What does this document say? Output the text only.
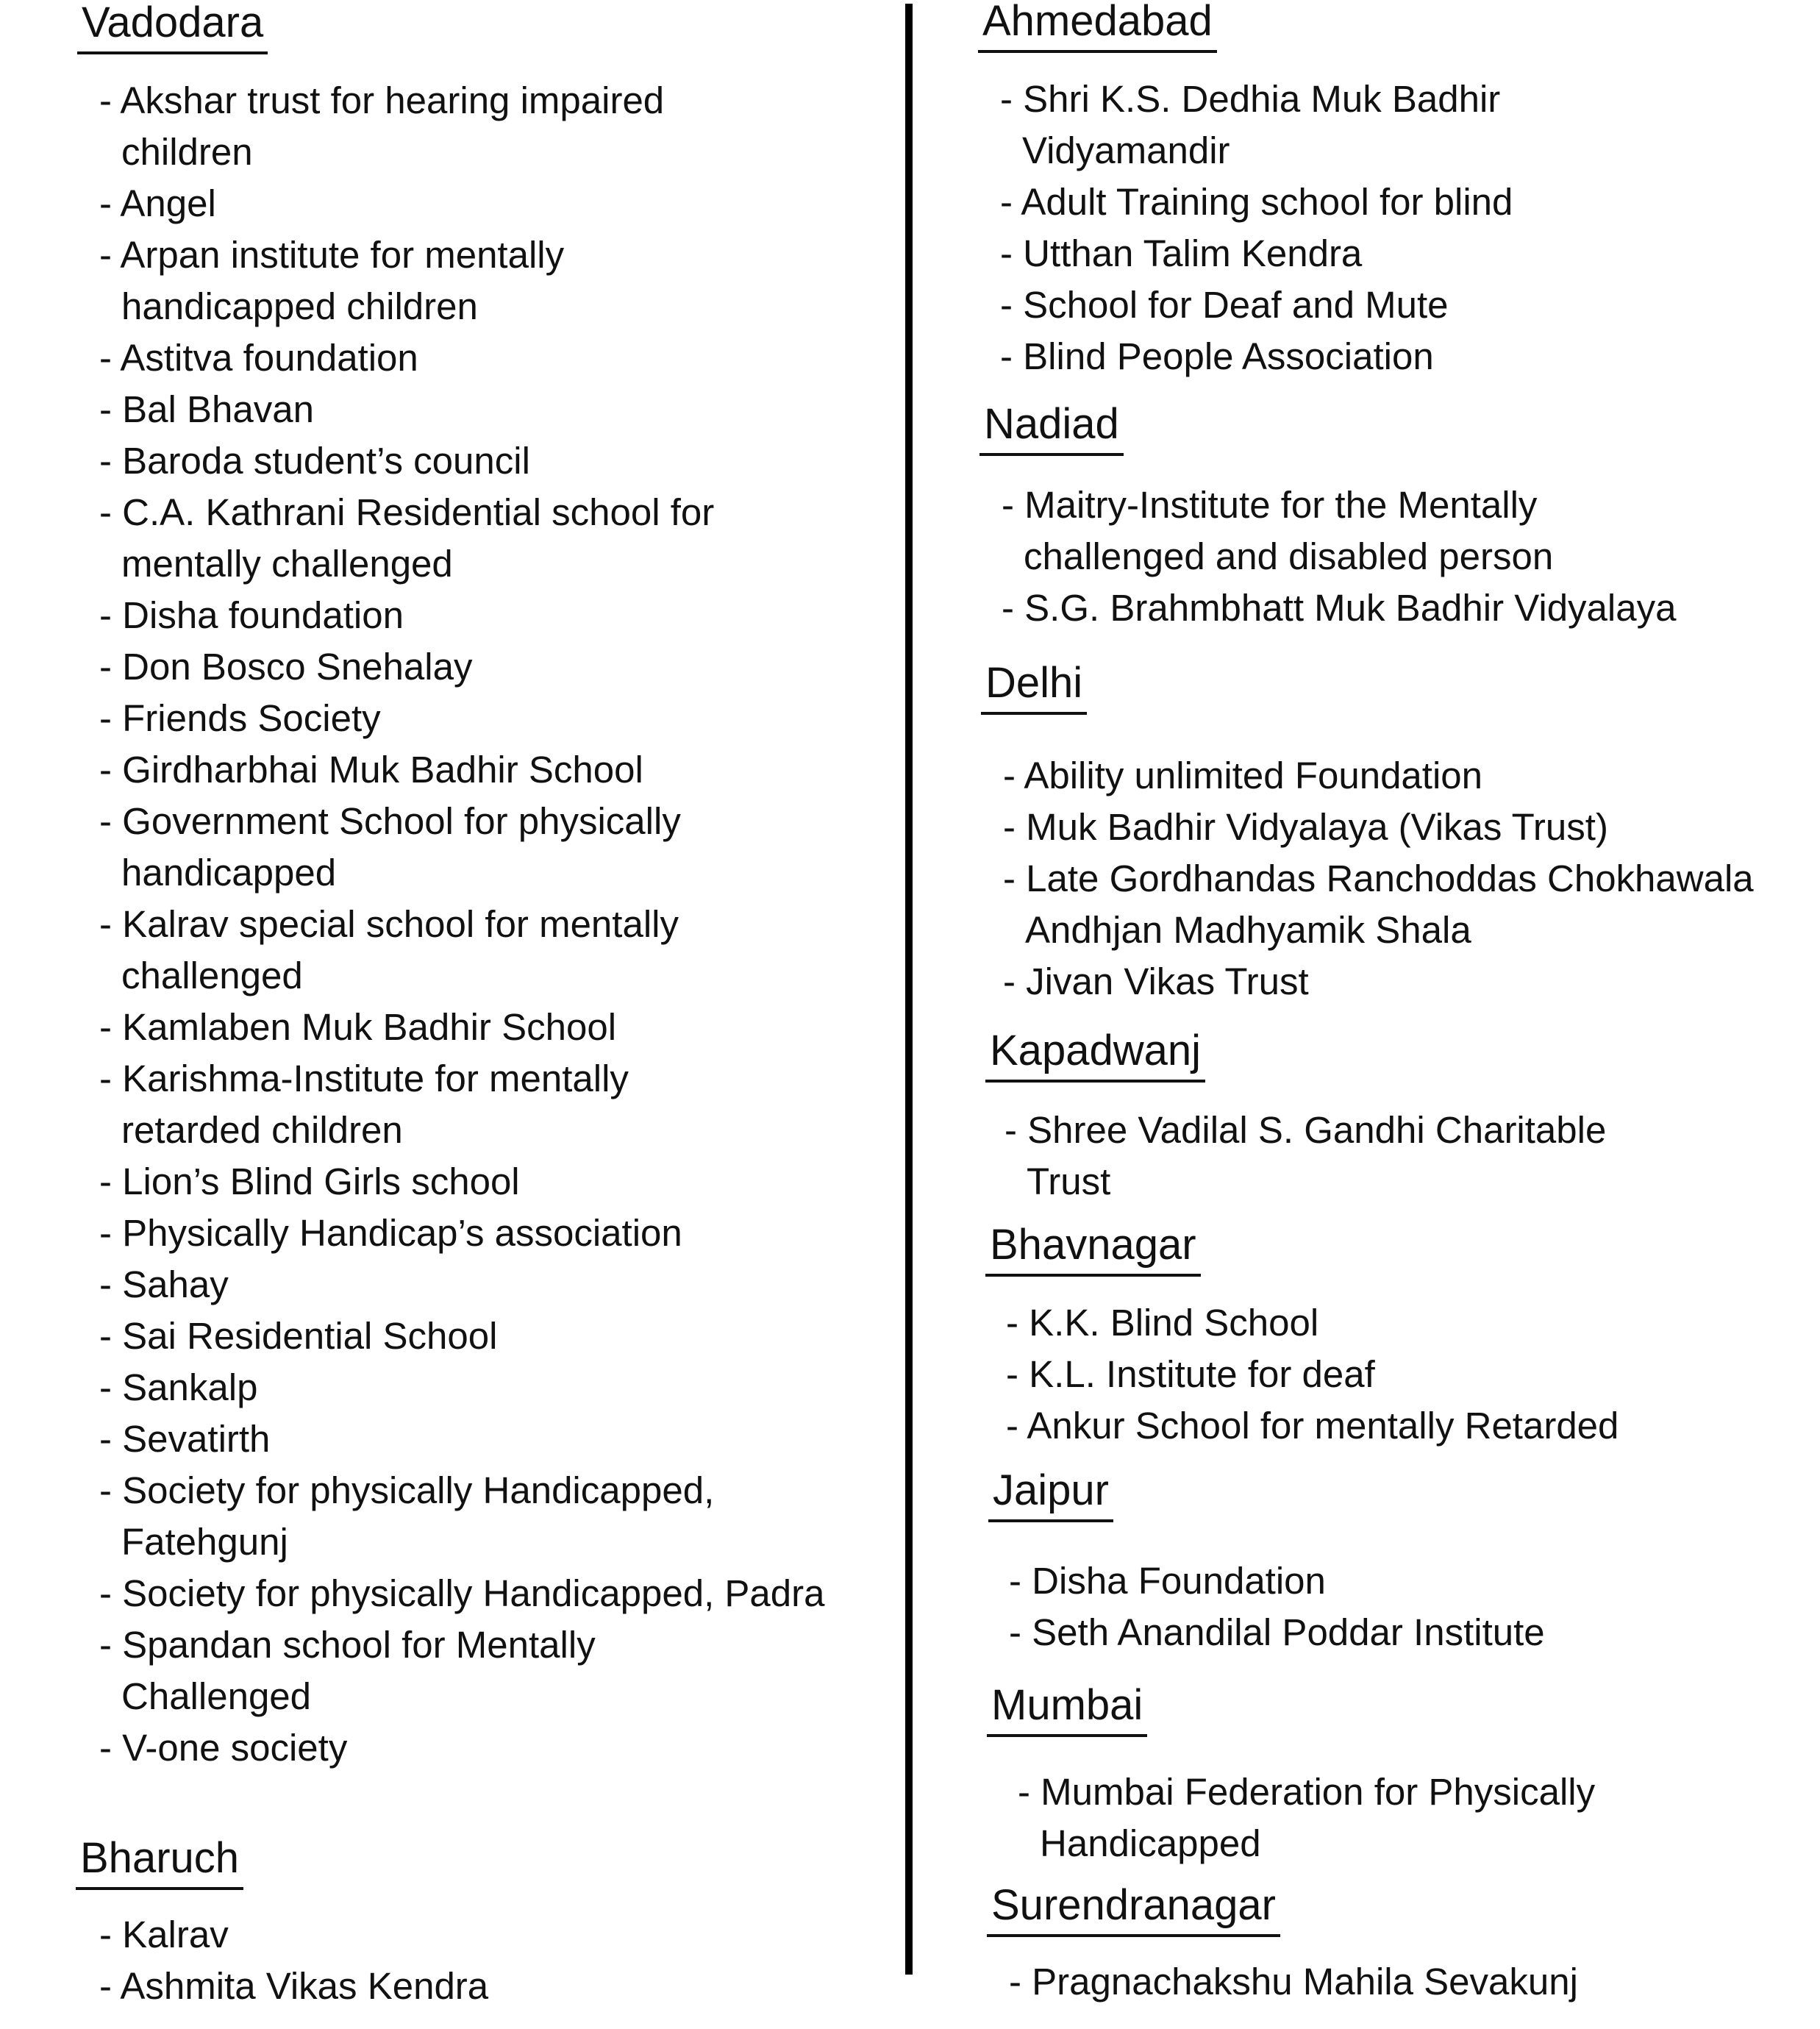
Vadodara
- Akshar trust for hearing impaired children
- Angel
- Arpan institute for mentally handicapped children
- Astitva foundation
- Bal Bhavan
- Baroda student’s council
- C.A. Kathrani Residential school for mentally challenged
- Disha foundation
- Don Bosco Snehalay
- Friends Society
- Girdharbhai Muk Badhir School
- Government School for physically handicapped
- Kalrav special school for mentally challenged
- Kamlaben Muk Badhir School
- Karishma-Institute for mentally retarded children
- Lion’s Blind Girls school
- Physically Handicap’s association
- Sahay
- Sai Residential School
- Sankalp
- Sevatirth
- Society for physically Handicapped, Fatehgunj
- Society for physically Handicapped, Padra
- Spandan school for Mentally Challenged
- V-one society
Bharuch
- Kalrav
- Ashmita Vikas Kendra
Ahmedabad
- Shri K.S. Dedhia Muk Badhir Vidyamandir
- Adult Training school for blind
- Utthan Talim Kendra
- School for Deaf and Mute
- Blind People Association
Nadiad
- Maitry-Institute for the Mentally challenged and disabled person
- S.G. Brahmbhatt Muk Badhir Vidyalaya
Delhi
- Ability unlimited Foundation
- Muk Badhir Vidyalaya (Vikas Trust)
- Late Gordhandas Ranchoddas Chokhawala Andhjan Madhyamik Shala
- Jivan Vikas Trust
Kapadwanj
- Shree Vadilal S. Gandhi Charitable Trust
Bhavnagar
- K.K. Blind School
- K.L. Institute for deaf
- Ankur School for mentally Retarded
Jaipur
- Disha Foundation
- Seth Anandilal Poddar Institute
Mumbai
- Mumbai Federation for Physically Handicapped
Surendranagar
- Pragnachakshu Mahila Sevakunj
